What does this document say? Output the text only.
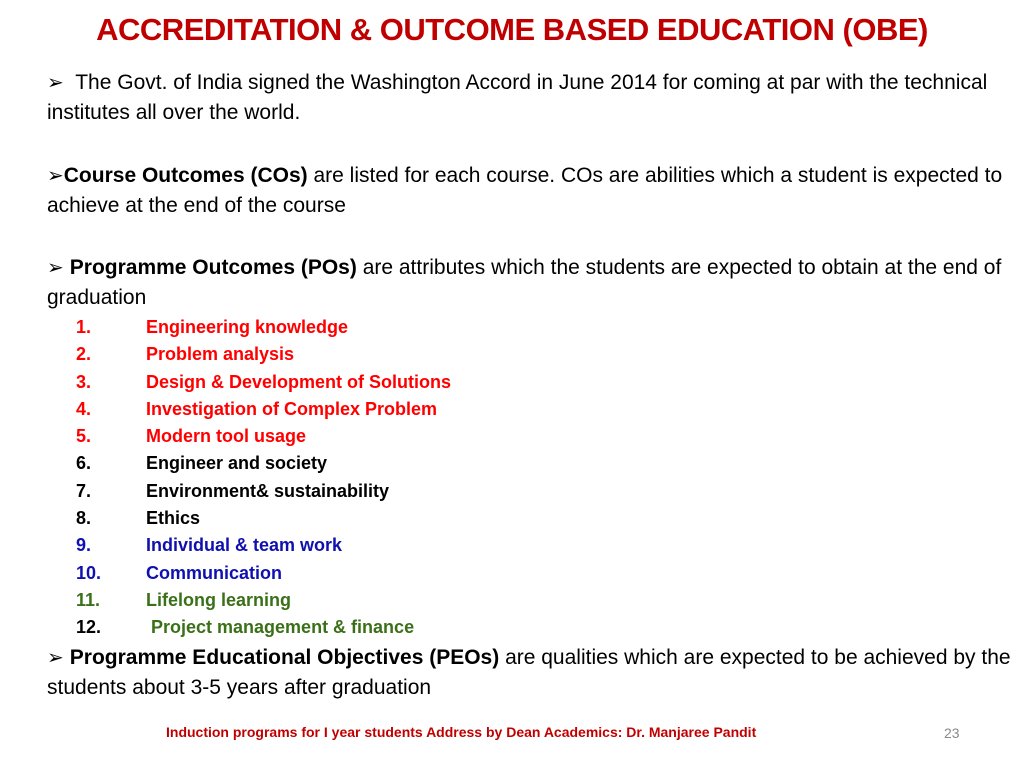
ACCREDITATION & OUTCOME BASED EDUCATION (OBE)
➢ The Govt. of India signed the Washington Accord in June 2014 for coming at par with the technical institutes all over the world.
➢Course Outcomes (COs) are listed for each course. COs are abilities which a student is expected to achieve at the end of the course
➢ Programme Outcomes (POs) are attributes which the students are expected to obtain at the end of graduation
1.	Engineering knowledge
2.	Problem analysis
3.	Design & Development of Solutions
4.	Investigation of Complex Problem
5.	Modern tool usage
6.	Engineer and society
7.	Environment& sustainability
8.	Ethics
9.	Individual & team work
10. Communication
11.	Lifelong learning
12. Project management & finance
➢ Programme Educational Objectives (PEOs) are qualities which are expected to be achieved by the students about 3-5 years after graduation
Induction programs for I year students Address by Dean Academics: Dr. Manjaree Pandit	23
